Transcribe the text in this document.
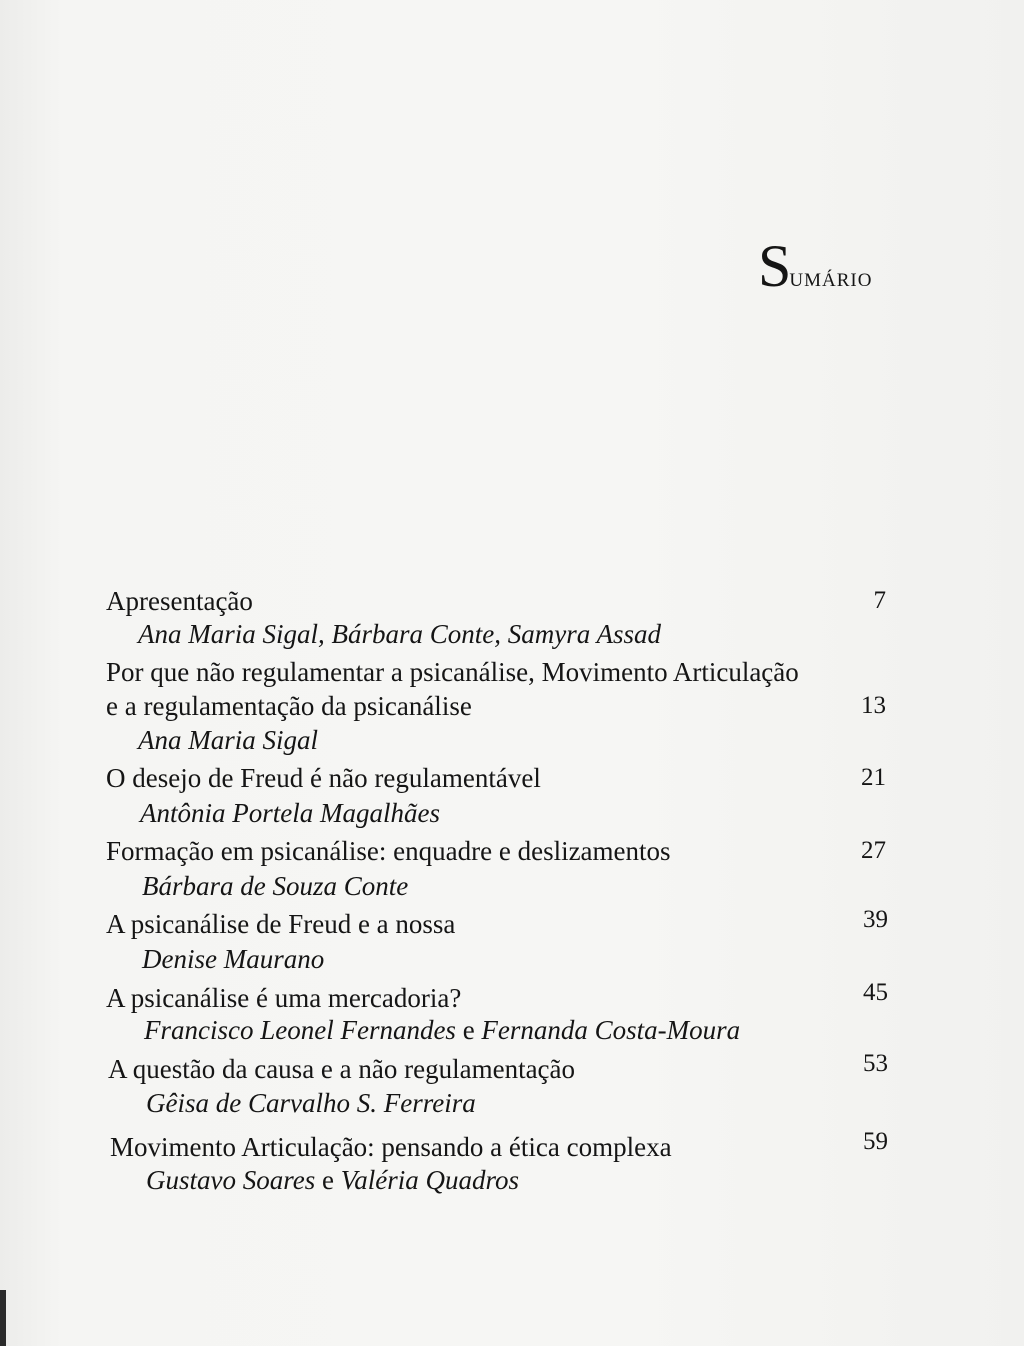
SUMÁRIO
Apresentação	7
Ana Maria Sigal, Bárbara Conte, Samyra Assad
Por que não regulamentar a psicanálise, Movimento Articulação
e a regulamentação da psicanálise	13
Ana Maria Sigal
O desejo de Freud é não regulamentável	21
Antônia Portela Magalhães
Formação em psicanálise: enquadre e deslizamentos	27
Bárbara de Souza Conte
A psicanálise de Freud e a nossa	39
Denise Maurano
A psicanálise é uma mercadoria?	45
Francisco Leonel Fernandes e Fernanda Costa-Moura
A questão da causa e a não regulamentação	53
Gêisa de Carvalho S. Ferreira
Movimento Articulação: pensando a ética complexa	59
Gustavo Soares e Valéria Quadros
